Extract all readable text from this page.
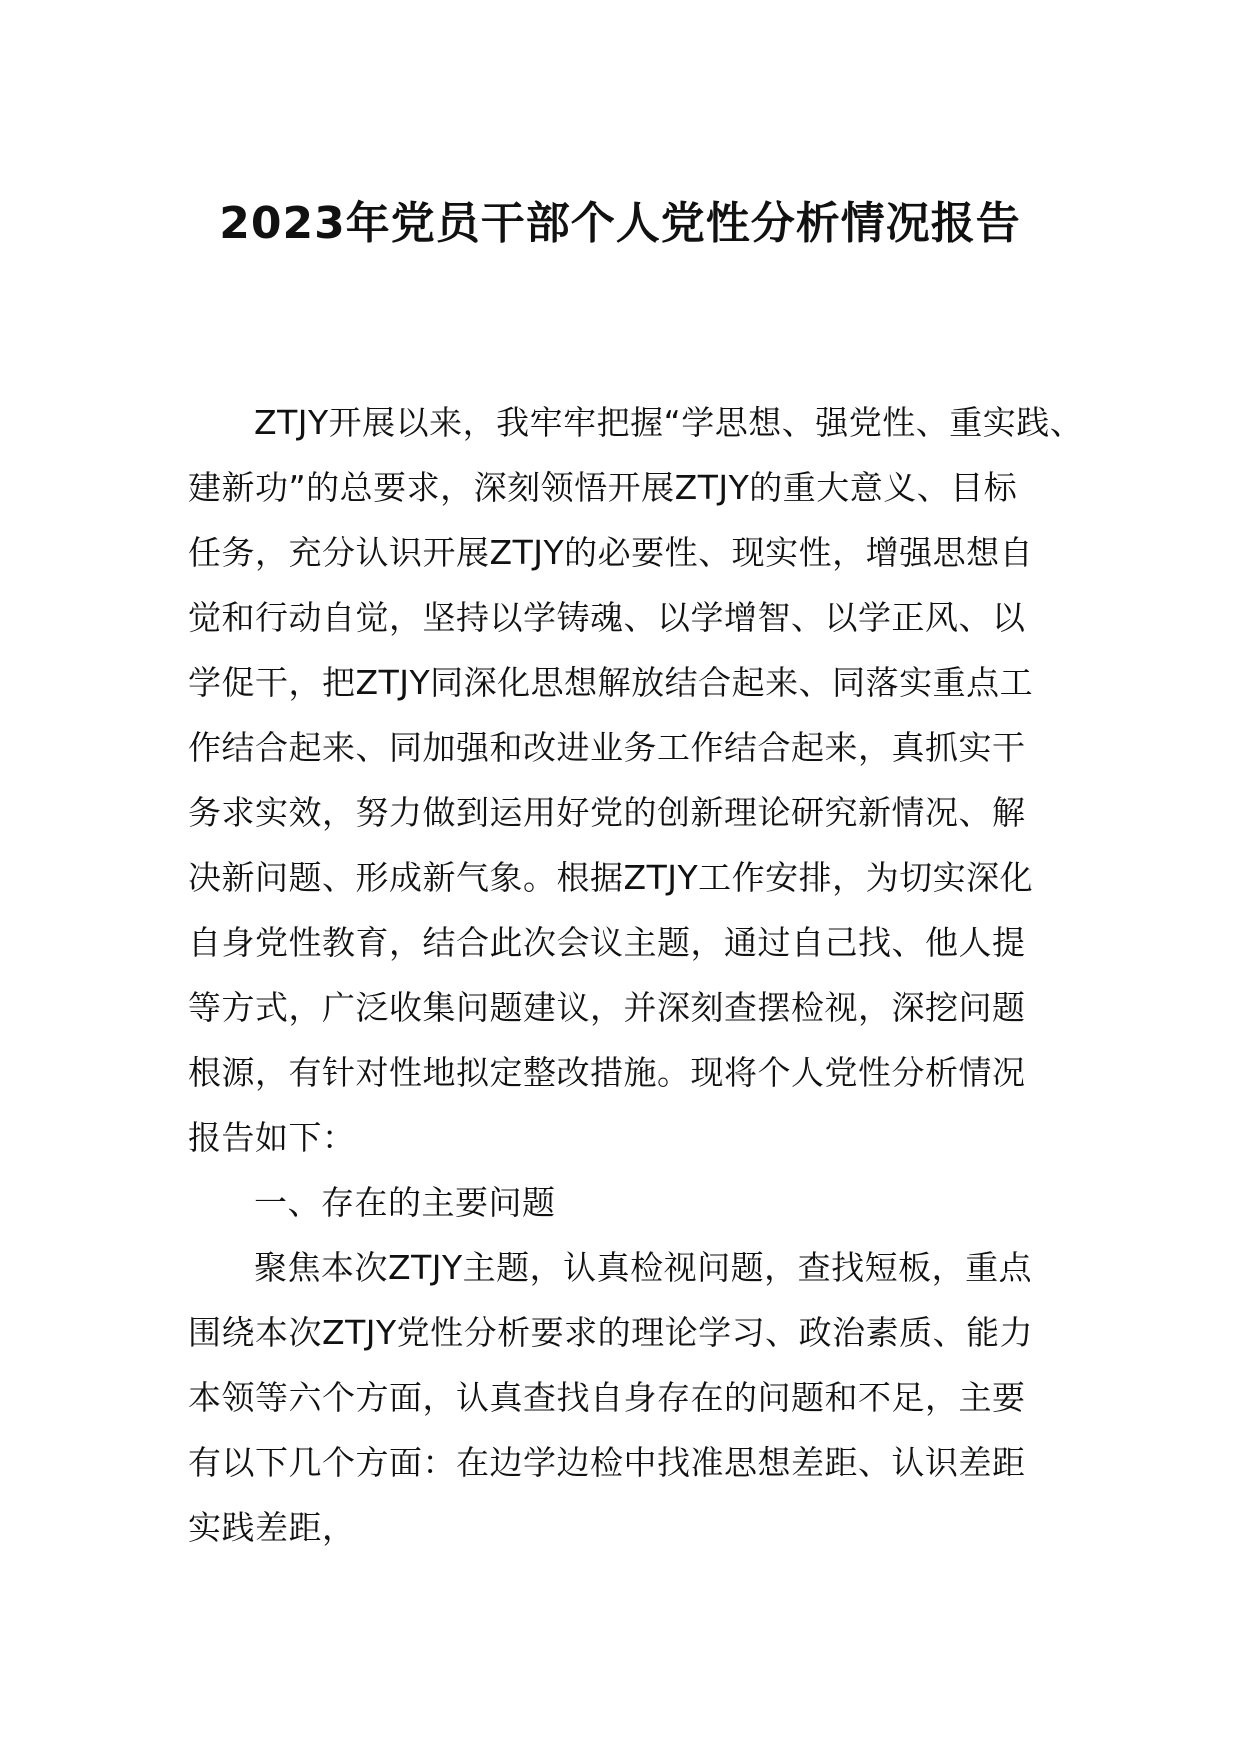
2023年党员干部个人党性分析情况报告
ZTJY开展以来，我牢牢把握“学思想、强党性、重实践、
建新功”的总要求，深刻领悟开展ZTJY的重大意义、目标
任务，充分认识开展ZTJY的必要性、现实性，增强思想自
觉和行动自觉，坚持以学铸魂、以学增智、以学正风、以
学促干，把ZTJY同深化思想解放结合起来、同落实重点工
作结合起来、同加强和改进业务工作结合起来，真抓实干
务求实效，努力做到运用好党的创新理论研究新情况、解
决新问题、形成新气象。根据ZTJY工作安排，为切实深化
自身党性教育，结合此次会议主题，通过自己找、他人提
等方式，广泛收集问题建议，并深刻查摆检视，深挖问题
根源，有针对性地拟定整改措施。现将个人党性分析情况
报告如下：
一、存在的主要问题
聚焦本次ZTJY主题，认真检视问题，查找短板，重点
围绕本次ZTJY党性分析要求的理论学习、政治素质、能力
本领等六个方面，认真查找自身存在的问题和不足，主要
有以下几个方面：在边学边检中找准思想差距、认识差距
实践差距，
